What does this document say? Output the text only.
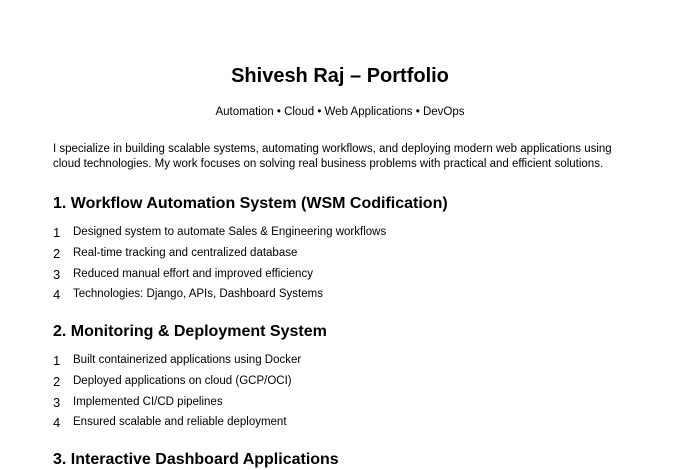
Shivesh Raj – Portfolio
Automation • Cloud • Web Applications • DevOps
I specialize in building scalable systems, automating workflows, and deploying modern web applications using cloud technologies. My work focuses on solving real business problems with practical and efficient solutions.
1. Workflow Automation System (WSM Codification)
1 Designed system to automate Sales & Engineering workflows
2 Real-time tracking and centralized database
3 Reduced manual effort and improved efficiency
4 Technologies: Django, APIs, Dashboard Systems
2. Monitoring & Deployment System
1 Built containerized applications using Docker
2 Deployed applications on cloud (GCP/OCI)
3 Implemented CI/CD pipelines
4 Ensured scalable and reliable deployment
3. Interactive Dashboard Applications
